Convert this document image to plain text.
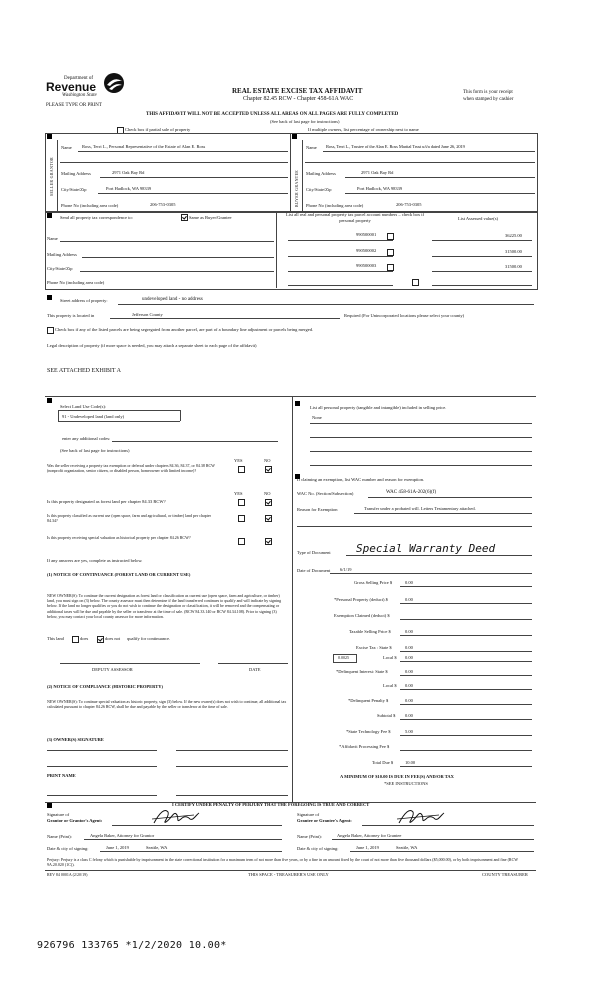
Department of
Revenue
Washington State
PLEASE TYPE OR PRINT
REAL ESTATE EXCISE TAX AFFIDAVIT
Chapter 82.45 RCW - Chapter 458-61A WAC
This form is your receipt
when stamped by cashier
THIS AFFIDAVIT WILL NOT BE ACCEPTED UNLESS ALL AREAS ON ALL PAGES ARE FULLY COMPLETED
(See back of last page for instructions)
Check box if partial sale of property	If multiple owners, list percentage of ownership next to name
SELLER GRANTOR	BUYER GRANTEE
Name Ross, Terri L., Personal Representative of the Estate of Alan E. Ross
Mailing Address	2971 Oak Bay Rd
City/State/Zip	Port Hadlock, WA 98339
Phone No (including area code)	206-753-0305
Name Ross, Terri L., Trustee of the Alan E. Ross Marital Trust u/t/a dated June 26, 2019
Mailing Address	2971 Oak Bay Rd
City/State/Zip	Port Hadlock, WA 98339
Phone No (including area code)	206-753-0305
Send all property tax correspondence to:	Same as Buyer/Grantee
Name
Mailing Address
City/State/Zip
Phone No (including area code)
List all real and personal property tax parcel account numbers – check box if personal property	List Assessed value(s)
990500001	36225.00
990500002	31500.00
990500003	31500.00
Street address of property:	undeveloped land - no address
This property is located in	Jefferson County	Required (For Unincorporated locations please select your county)
Check box if any of the listed parcels are being segregated from another parcel, are part of a boundary line adjustment or parcels being merged.
Legal description of property (if more space is needed, you may attach a separate sheet to each page of the affidavit)
SEE ATTACHED EXHIBIT A
Select Land Use Code(s):
91 - Undeveloped land (land only)
enter any additional codes:
(See back of last page for instructions)
YES	NO
Was the seller receiving a property tax exemption or deferral under chapters 84.36, 84.37, or 84.38 RCW (nonprofit organization, senior citizen, or disabled person, homeowner with limited income)?
YES	NO
Is this property designated as forest land per chapter 84.33 RCW?
Is this property classified as current use (open space, farm and agricultural, or timber) land per chapter 84.34?
Is this property receiving special valuation as historical property per chapter 84.26 RCW?
If any answers are yes, complete as instructed below.
(1) NOTICE OF CONTINUANCE (FOREST LAND OR CURRENT USE)
NEW OWNER(S): To continue the current designation as forest land or classification as current use (open space, farm and agriculture, or timber) land, you must sign on (3) below. The county assessor must then determine if the land transferred continues to qualify and will indicate by signing below. If the land no longer qualifies or you do not wish to continue the designation or classification, it will be removed and the compensating or additional taxes will be due and payable by the seller or transferor at the time of sale. (RCW 84.33.140 or RCW 84.34.108). Prior to signing (3) below, you may contact your local county assessor for more information.
This land	does	does not qualify for continuance.
DEPUTY ASSESSOR	DATE
(2) NOTICE OF COMPLIANCE (HISTORIC PROPERTY)
NEW OWNER(S): To continue special valuation as historic property, sign (3) below. If the new owner(s) does not wish to continue, all additional tax calculated pursuant to chapter 84.26 RCW, shall be due and payable by the seller or transferor at the time of sale.
(3) OWNER(S) SIGNATURE
PRINT NAME
List all personal property (tangible and intangible) included in selling price.
None
If claiming an exemption, list WAC number and reason for exemption.
WAC No. (Section/Subsection)	WAC 458-61A-202(6)(f)
Reason for Exemption	Transfer under a probated will. Letters Testamentary attached.
Type of Document Special Warranty Deed
Date of Document 6/1/19
Gross Selling Price $	0.00
*Personal Property (deduct) $	0.00
Exemption Claimed (deduct) $
Taxable Selling Price $	0.00
Excise Tax : State $	0.00
0.0025	Local $ 0.00
*Delinquent Interest: State $	0.00
Local $ 0.00
*Delinquent Penalty $	0.00
Subtotal $ 0.00
*State Technology Fee $	5.00
*Affidavit Processing Fee $
Total Due $	10.00
A MINIMUM OF $10.00 IS DUE IN FEE(S) AND/OR TAX
*SEE INSTRUCTIONS
I CERTIFY UNDER PENALTY OF PERJURY THAT THE FOREGOING IS TRUE AND CORRECT
Signature of
Grantor or Grantor's Agent:
Name (Print):	Angela Baker, Attorney for Grantor
Date & city of signing:	June 1, 2019	Seattle, WA
Signature of
Grantee or Grantee's Agent:
Name (Print):	Angela Baker, Attorney for Grantee
Date & city of signing:	June 1, 2019	Seattle, WA
Perjury: Perjury is a class C felony which is punishable by imprisonment in the state correctional institution for a maximum term of not more than five years, or by a fine in an amount fixed by the court of not more than five thousand dollars ($5,000.00), or by both imprisonment and fine (RCW 9A.20.020 (1C)).
REV 84 0001A (2/20/19)	THIS SPACE - TREASURER'S USE ONLY	COUNTY TREASURER
926796 133765 *1/2/2020 10.00*
